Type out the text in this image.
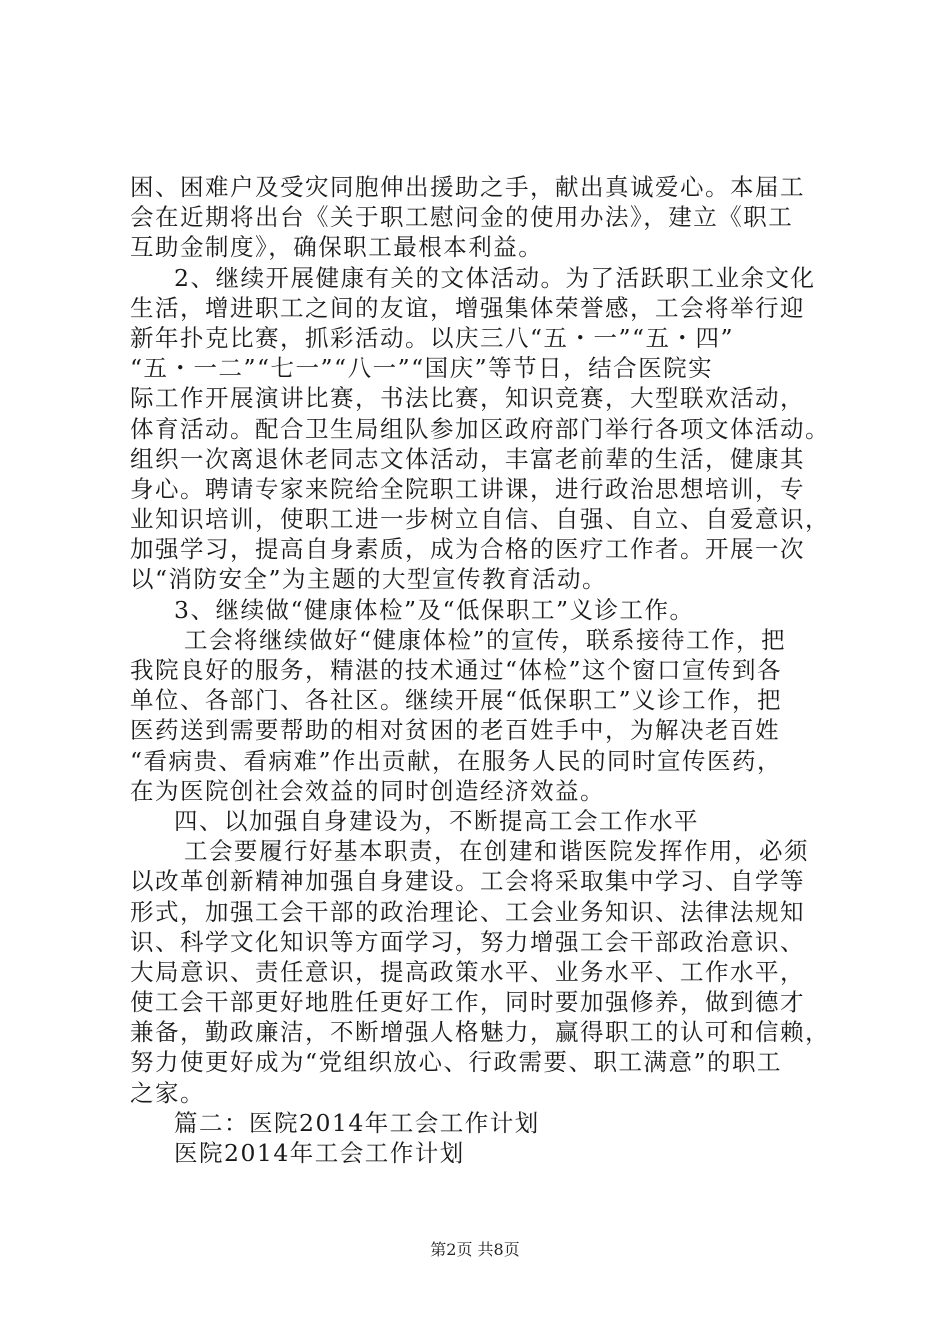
困、困难户及受灾同胞伸出援助之手，献出真诚爱心。本届工
会在近期将出台《关于职工慰问金的使用办法》，建立《职工
互助金制度》，确保职工最根本利益。
2、继续开展健康有关的文体活动。为了活跃职工业余文化
生活，增进职工之间的友谊，增强集体荣誉感，工会将举行迎
新年扑克比赛，抓彩活动。以庆三八“五・一”“五・四”
“五・一二”“七一”“八一”“国庆”等节日，结合医院实
际工作开展演讲比赛，书法比赛，知识竞赛，大型联欢活动，
体育活动。配合卫生局组队参加区政府部门举行各项文体活动。
组织一次离退休老同志文体活动，丰富老前辈的生活，健康其
身心。聘请专家来院给全院职工讲课，进行政治思想培训，专
业知识培训，使职工进一步树立自信、自强、自立、自爱意识，
加强学习，提高自身素质，成为合格的医疗工作者。开展一次
以“消防安全”为主题的大型宣传教育活动。
3、继续做“健康体检”及“低保职工”义诊工作。
工会将继续做好“健康体检”的宣传，联系接待工作，把
我院良好的服务，精湛的技术通过“体检”这个窗口宣传到各
单位、各部门、各社区。继续开展“低保职工”义诊工作，把
医药送到需要帮助的相对贫困的老百姓手中，为解决老百姓
“看病贵、看病难”作出贡献，在服务人民的同时宣传医药，
在为医院创社会效益的同时创造经济效益。
四、以加强自身建设为，不断提高工会工作水平
工会要履行好基本职责，在创建和谐医院发挥作用，必须
以改革创新精神加强自身建设。工会将采取集中学习、自学等
形式，加强工会干部的政治理论、工会业务知识、法律法规知
识、科学文化知识等方面学习，努力增强工会干部政治意识、
大局意识、责任意识，提高政策水平、业务水平、工作水平，
使工会干部更好地胜任更好工作，同时要加强修养，做到德才
兼备，勤政廉洁，不断增强人格魅力，赢得职工的认可和信赖，
努力使更好成为“党组织放心、行政需要、职工满意”的职工
之家。
篇二：医院2014年工会工作计划
医院2014年工会工作计划
第2页 共8页
